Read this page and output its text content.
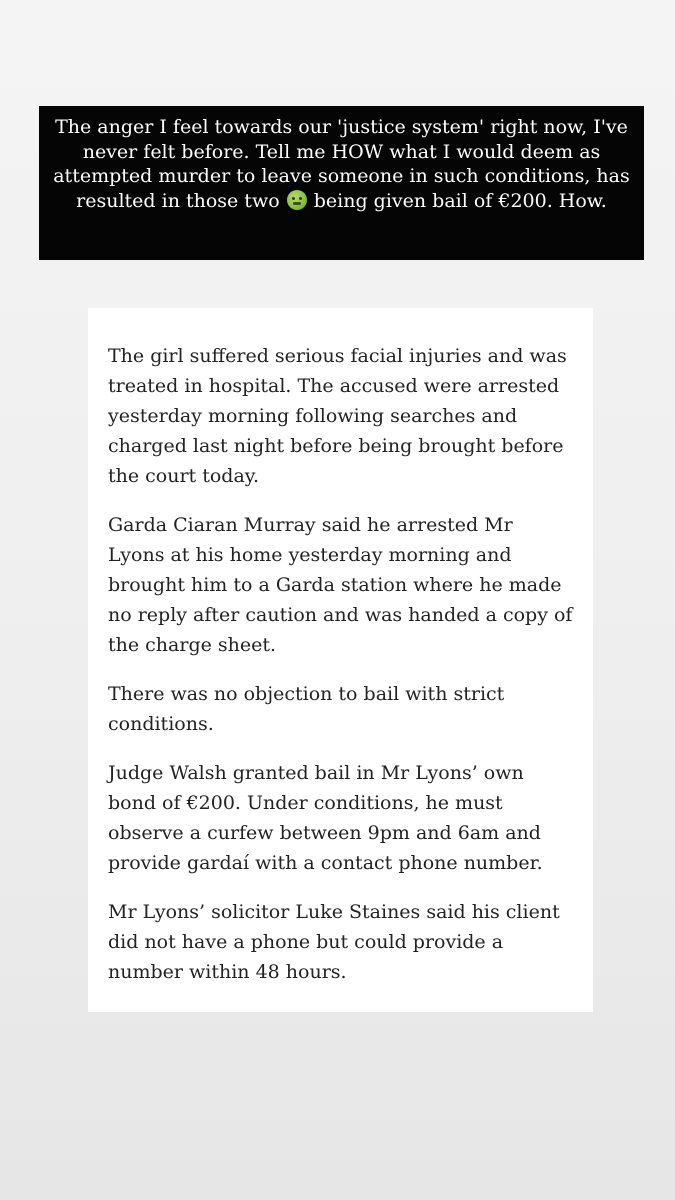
The anger I feel towards our 'justice system' right now, I've never felt before. Tell me HOW what I would deem as attempted murder to leave someone in such conditions, has resulted in those two being given bail of €200. How.

The girl suffered serious facial injuries and was treated in hospital. The accused were arrested yesterday morning following searches and charged last night before being brought before the court today.

Garda Ciaran Murray said he arrested Mr Lyons at his home yesterday morning and brought him to a Garda station where he made no reply after caution and was handed a copy of the charge sheet.

There was no objection to bail with strict conditions.

Judge Walsh granted bail in Mr Lyons’ own bond of €200. Under conditions, he must observe a curfew between 9pm and 6am and provide gardaí with a contact phone number.

Mr Lyons’ solicitor Luke Staines said his client did not have a phone but could provide a number within 48 hours.
